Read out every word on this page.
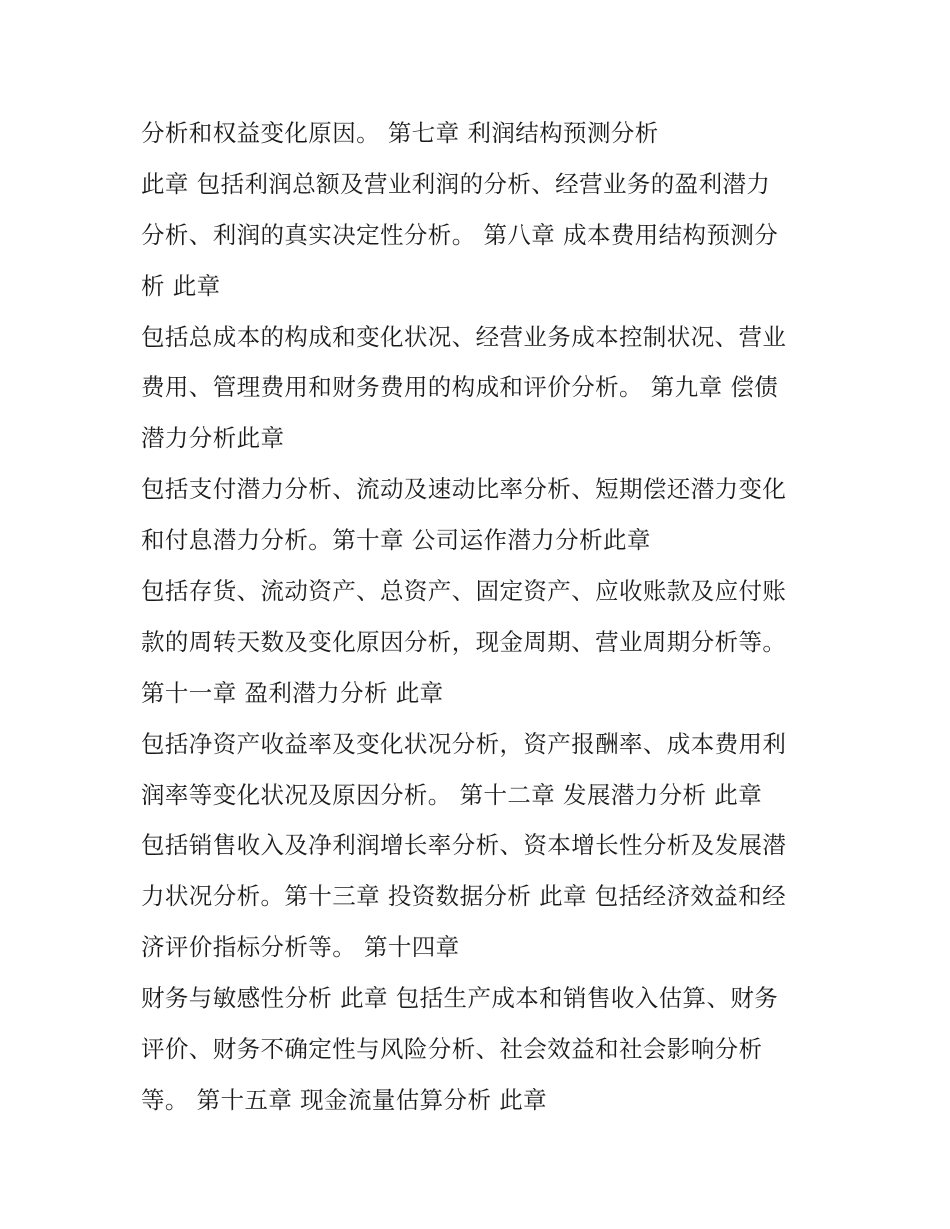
分析和权益变化原因。 第七章 利润结构预测分析

此章 包括利润总额及营业利润的分析、经营业务的盈利潜力

分析、利润的真实决定性分析。 第八章 成本费用结构预测分

析 此章

包括总成本的构成和变化状况、经营业务成本控制状况、营业

费用、管理费用和财务费用的构成和评价分析。 第九章 偿债

潜力分析此章

包括支付潜力分析、流动及速动比率分析、短期偿还潜力变化

和付息潜力分析。第十章 公司运作潜力分析此章

包括存货、流动资产、总资产、固定资产、应收账款及应付账

款的周转天数及变化原因分析，现金周期、营业周期分析等。

第十一章 盈利潜力分析 此章

包括净资产收益率及变化状况分析，资产报酬率、成本费用利

润率等变化状况及原因分析。 第十二章 发展潜力分析 此章

包括销售收入及净利润增长率分析、资本增长性分析及发展潜

力状况分析。第十三章 投资数据分析 此章 包括经济效益和经

济评价指标分析等。 第十四章

财务与敏感性分析 此章 包括生产成本和销售收入估算、财务

评价、财务不确定性与风险分析、社会效益和社会影响分析

等。 第十五章 现金流量估算分析 此章
